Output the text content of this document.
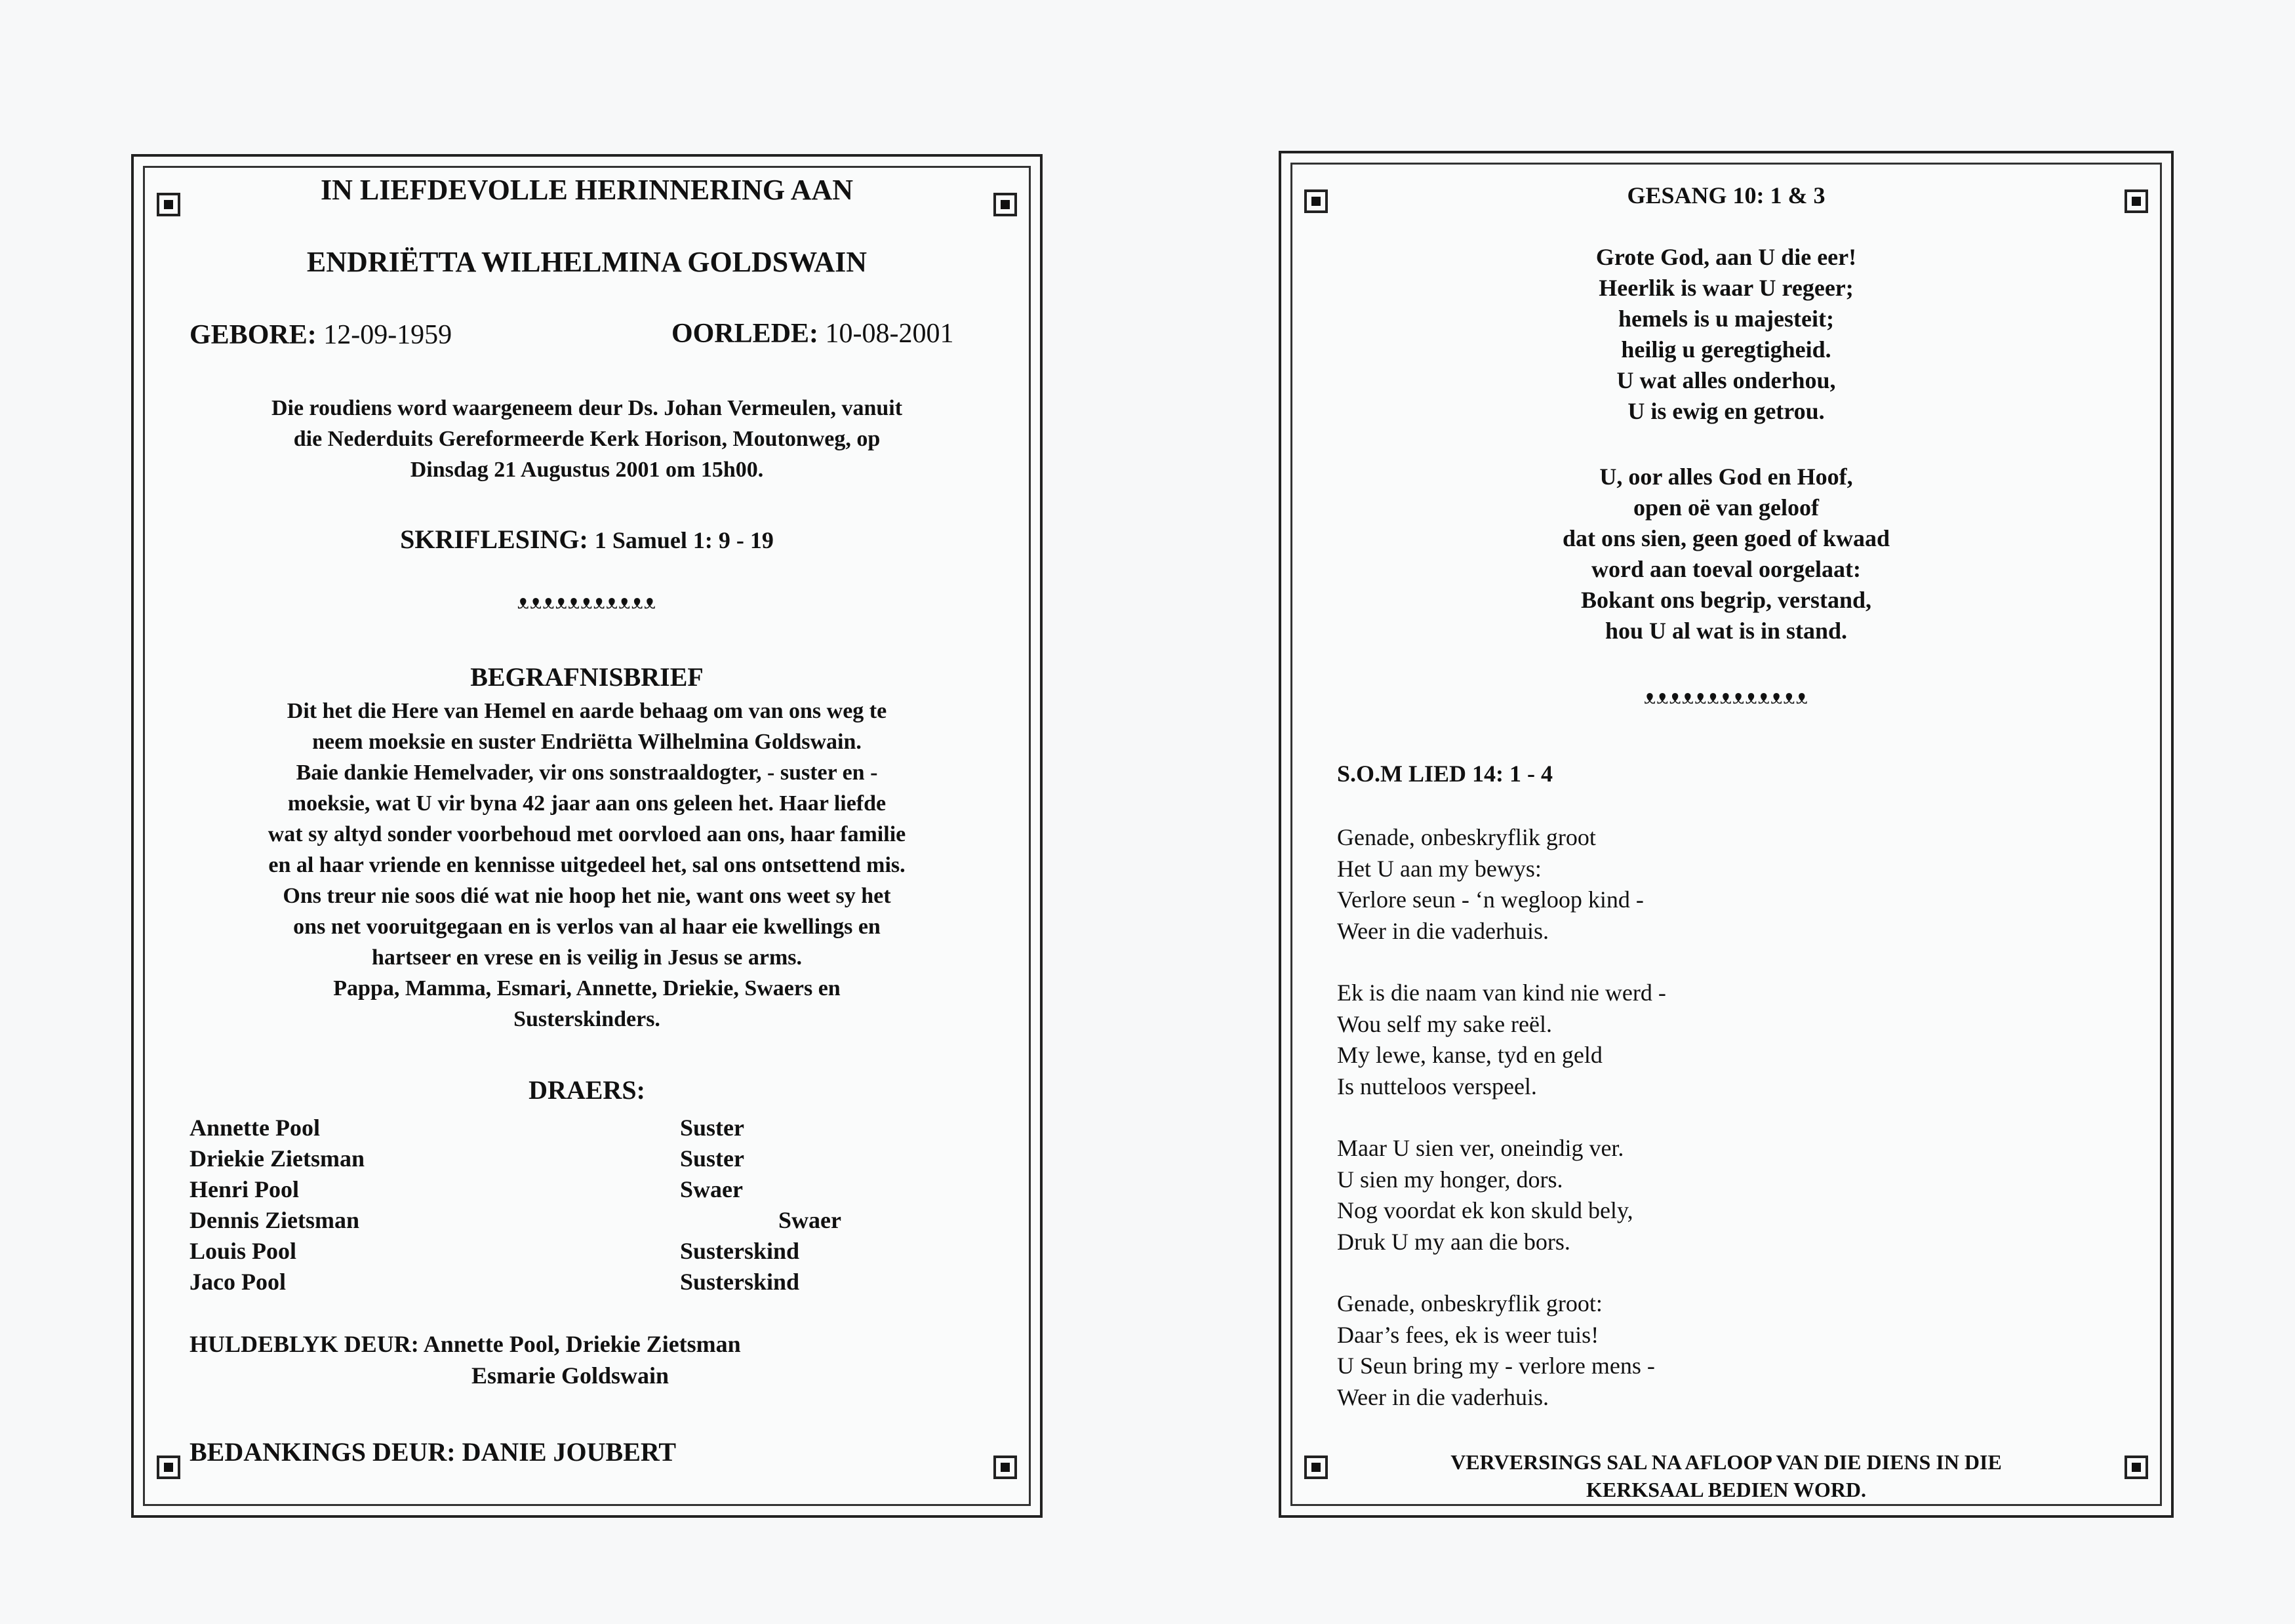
IN LIEFDEVOLLE HERINNERING AAN
ENDRIËTTA WILHELMINA GOLDSWAIN
GEBORE: 12-09-1959	OORLEDE: 10-08-2001
Die roudiens word waargeneem deur Ds. Johan Vermeulen, vanuit
die Nederduits Gereformeerde Kerk Horison, Moutonweg, op
Dinsdag 21 Augustus 2001 om 15h00.
SKRIFLESING: 1 Samuel 1: 9 - 19
ᴥᴥᴥᴥᴥᴥᴥᴥᴥᴥᴥ
BEGRAFNISBRIEF
Dit het die Here van Hemel en aarde behaag om van ons weg te
neem moeksie en suster Endriëtta Wilhelmina Goldswain.
Baie dankie Hemelvader, vir ons sonstraaldogter, - suster en -
moeksie, wat U vir byna 42 jaar aan ons geleen het. Haar liefde
wat sy altyd sonder voorbehoud met oorvloed aan ons, haar familie
en al haar vriende en kennisse uitgedeel het, sal ons ontsettend mis.
Ons treur nie soos dié wat nie hoop het nie, want ons weet sy het
ons net vooruitgegaan en is verlos van al haar eie kwellings en
hartseer en vrese en is veilig in Jesus se arms.
Pappa, Mamma, Esmari, Annette, Driekie, Swaers en
Susterskinders.
DRAERS:
Annette Pool	Suster
Driekie Zietsman	Suster
Henri Pool	Swaer
Dennis Zietsman	Swaer
Louis Pool	Susterskind
Jaco Pool	Susterskind
HULDEBLYK DEUR: Annette Pool, Driekie Zietsman
Esmarie Goldswain
BEDANKINGS DEUR: DANIE JOUBERT
GESANG 10: 1 & 3
Grote God, aan U die eer!
Heerlik is waar U regeer;
hemels is u majesteit;
heilig u geregtigheid.
U wat alles onderhou,
U is ewig en getrou.
U, oor alles God en Hoof,
open oë van geloof
dat ons sien, geen goed of kwaad
word aan toeval oorgelaat:
Bokant ons begrip, verstand,
hou U al wat is in stand.
ᴥᴥᴥᴥᴥᴥᴥᴥᴥᴥᴥᴥᴥ
S.O.M LIED 14: 1 - 4
Genade, onbeskryflik groot
Het U aan my bewys:
Verlore seun - ‘n wegloop kind -
Weer in die vaderhuis.
Ek is die naam van kind nie werd -
Wou self my sake reël.
My lewe, kanse, tyd en geld
Is nutteloos verspeel.
Maar U sien ver, oneindig ver.
U sien my honger, dors.
Nog voordat ek kon skuld bely,
Druk U my aan die bors.
Genade, onbeskryflik groot:
Daar’s fees, ek is weer tuis!
U Seun bring my - verlore mens -
Weer in die vaderhuis.
VERVERSINGS SAL NA AFLOOP VAN DIE DIENS IN DIE
KERKSAAL BEDIEN WORD.
